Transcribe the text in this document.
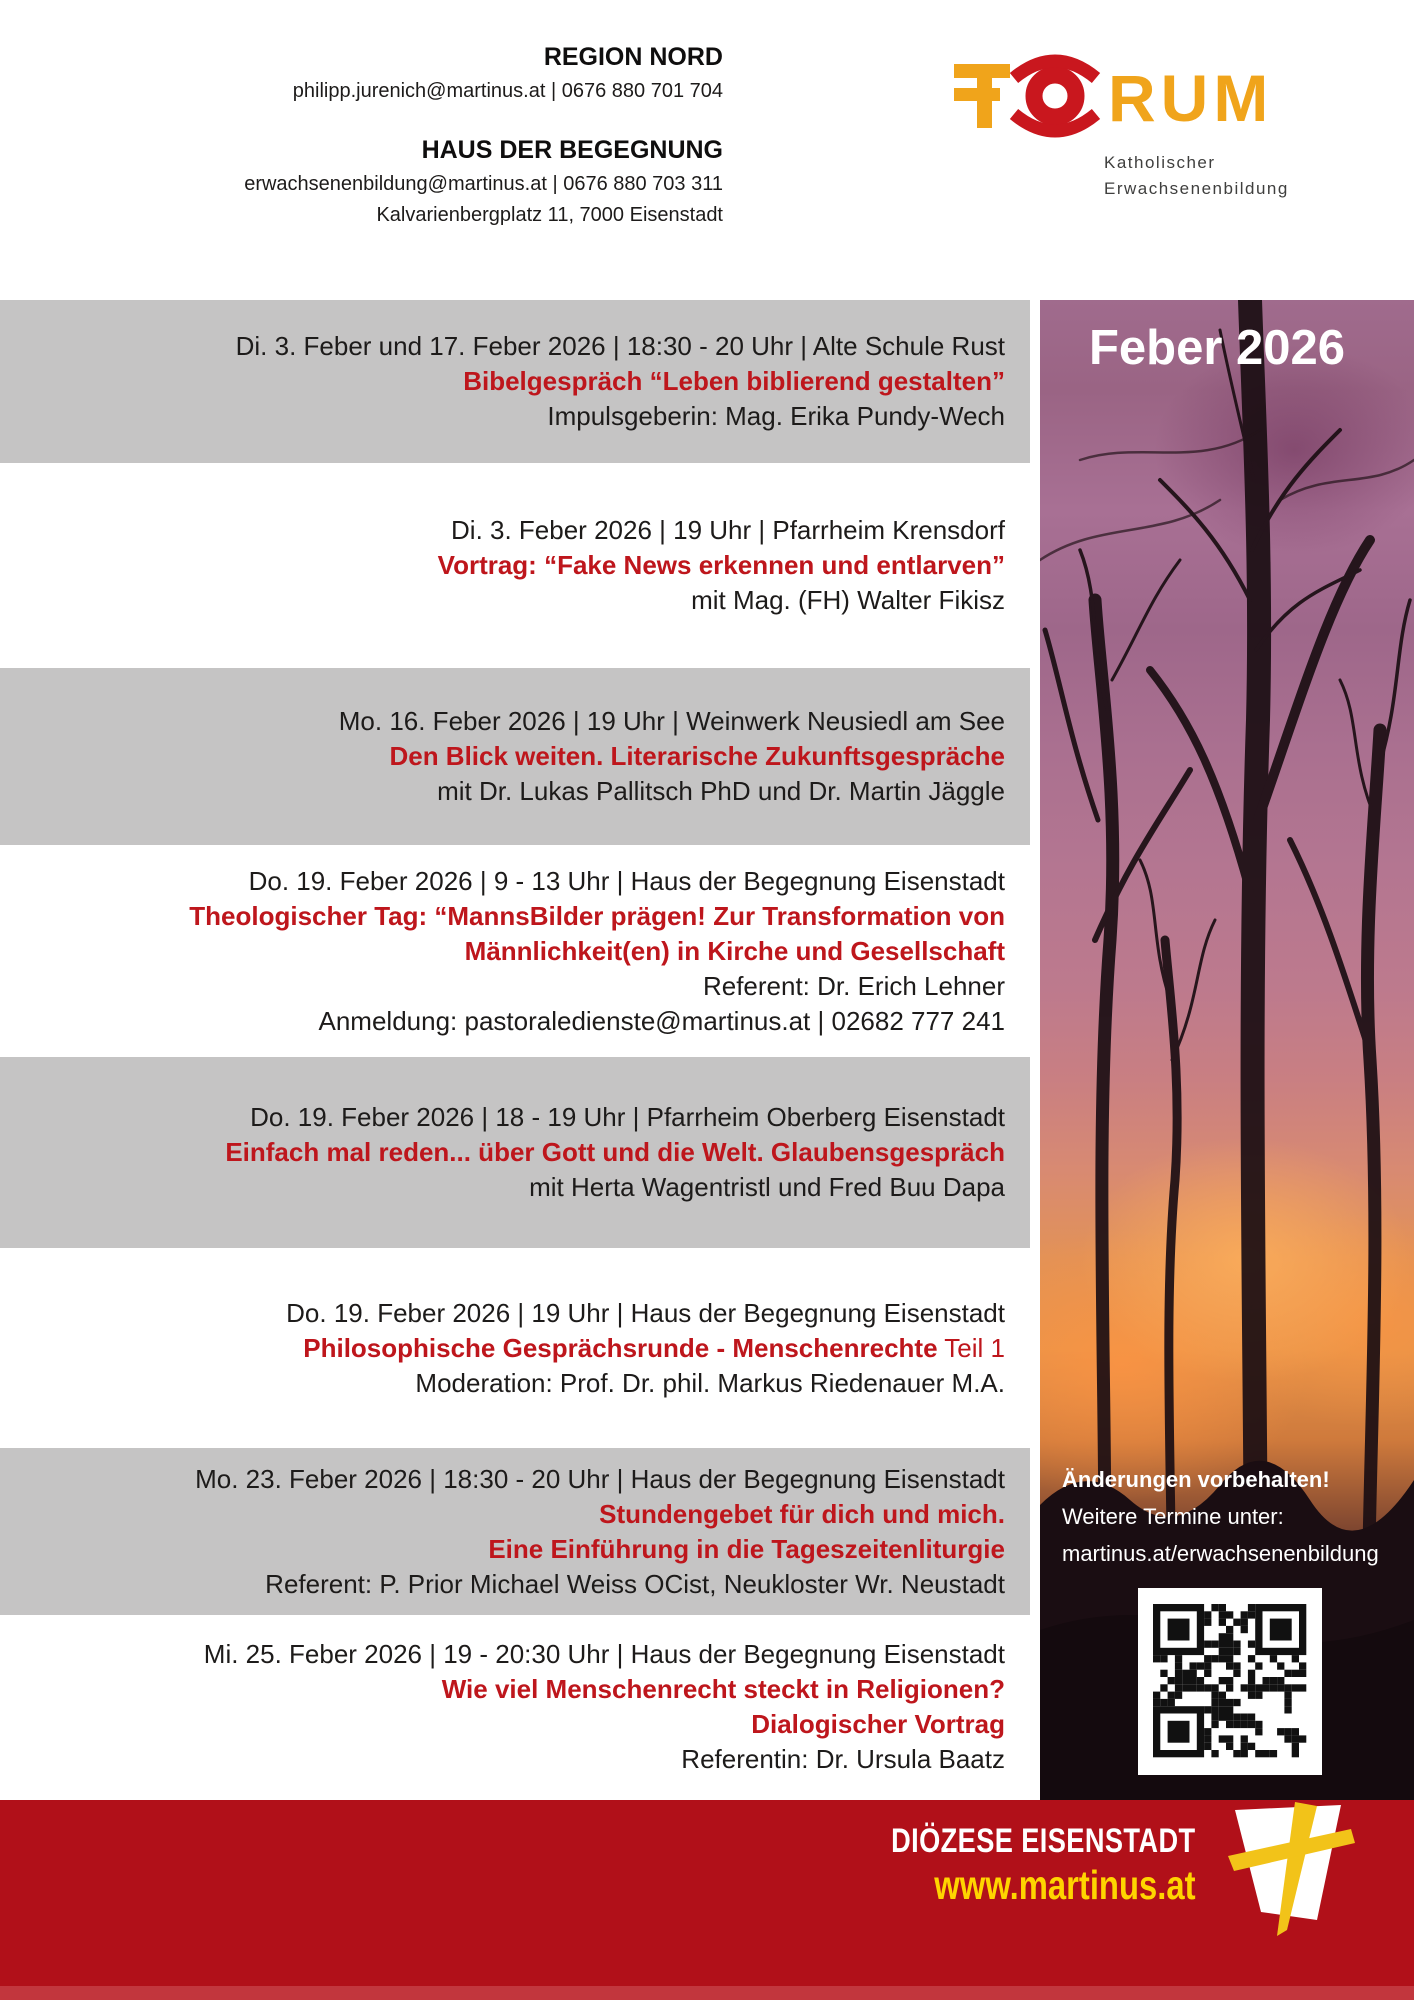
REGION NORD
philipp.jurenich@martinus.at | 0676 880 701 704
HAUS DER BEGEGNUNG
erwachsenenbildung@martinus.at | 0676 880 703 311
Kalvarienbergplatz 11, 7000 Eisenstadt
RUM
Katholischer
Erwachsenenbildung
Di. 3. Feber und 17. Feber 2026 | 18:30 - 20 Uhr | Alte Schule Rust
Bibelgespräch “Leben biblierend gestalten”
Impulsgeberin: Mag. Erika Pundy-Wech
Di. 3. Feber 2026 | 19 Uhr | Pfarrheim Krensdorf
Vortrag: “Fake News erkennen und entlarven”
mit Mag. (FH) Walter Fikisz
Mo. 16. Feber 2026 | 19 Uhr | Weinwerk Neusiedl am See
Den Blick weiten. Literarische Zukunftsgespräche
mit Dr. Lukas Pallitsch PhD und Dr. Martin Jäggle
Do. 19. Feber 2026 | 9 - 13 Uhr | Haus der Begegnung Eisenstadt
Theologischer Tag: “MannsBilder prägen! Zur Transformation von
Männlichkeit(en) in Kirche und Gesellschaft
Referent: Dr. Erich Lehner
Anmeldung: pastoraledienste@martinus.at | 02682 777 241
Do. 19. Feber 2026 | 18 - 19 Uhr | Pfarrheim Oberberg Eisenstadt
Einfach mal reden... über Gott und die Welt. Glaubensgespräch
mit Herta Wagentristl und Fred Buu Dapa
Do. 19. Feber 2026 | 19 Uhr | Haus der Begegnung Eisenstadt
Philosophische Gesprächsrunde - Menschenrechte Teil 1
Moderation: Prof. Dr. phil. Markus Riedenauer M.A.
Mo. 23. Feber 2026 | 18:30 - 20 Uhr | Haus der Begegnung Eisenstadt
Stundengebet für dich und mich.
Eine Einführung in die Tageszeitenliturgie
Referent: P. Prior Michael Weiss OCist, Neukloster Wr. Neustadt
Mi. 25. Feber 2026 | 19 - 20:30 Uhr | Haus der Begegnung Eisenstadt
Wie viel Menschenrecht steckt in Religionen?
Dialogischer Vortrag
Referentin: Dr. Ursula Baatz
Feber 2026
Änderungen vorbehalten!
Weitere Termine unter:
martinus.at/erwachsenenbildung
DIÖZESE EISENSTADT
www.martinus.at
